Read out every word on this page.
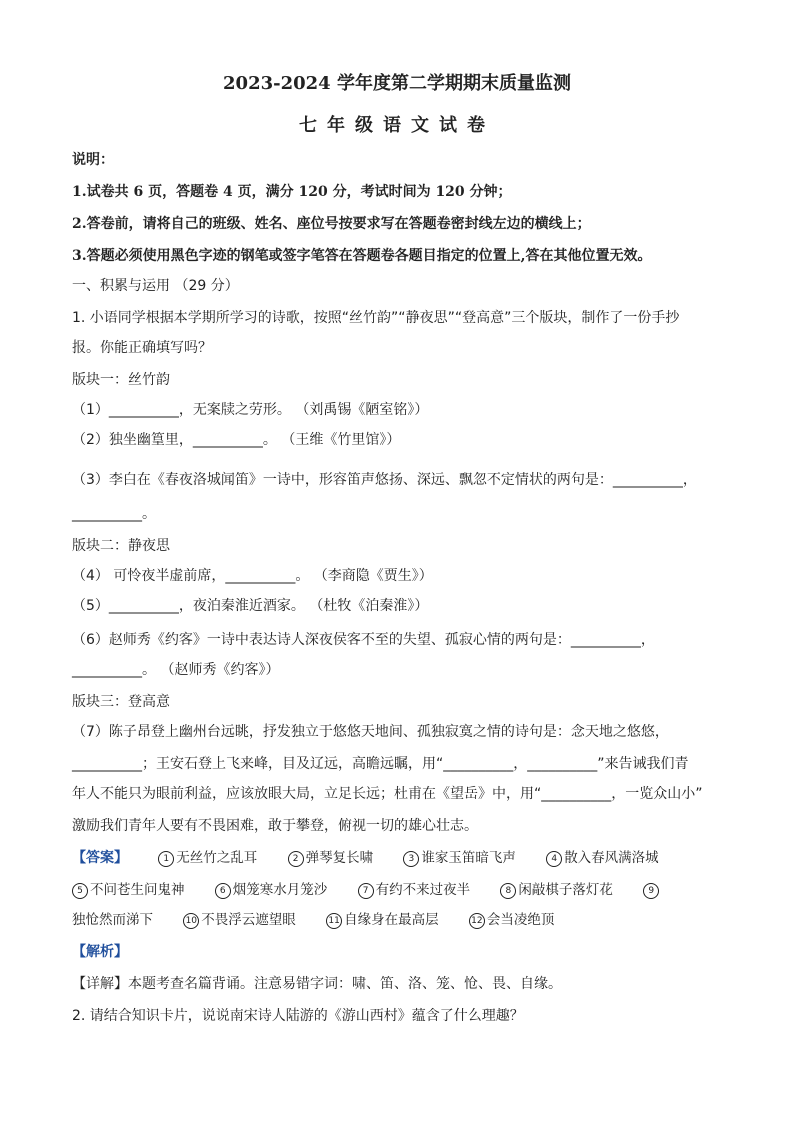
2023-2024 学年度第二学期期末质量监测
七年级语文试卷
说明：
1.试卷共 6 页，答题卷 4 页，满分 120 分，考试时间为 120 分钟；
2.答卷前，请将自己的班级、姓名、座位号按要求写在答题卷密封线左边的横线上；
3.答题必须使用黑色字迹的钢笔或签字笔答在答题卷各题目指定的位置上,答在其他位置无效。
一、积累与运用 （29 分）
1. 小语同学根据本学期所学习的诗歌，按照“丝竹韵”“静夜思”“登高意”三个版块，制作了一份手抄
报。你能正确填写吗？
版块一：丝竹韵
（1）__________，无案牍之劳形。 （刘禹锡《陋室铭》）
（2）独坐幽篁里，__________。 （王维《竹里馆》）
（3）李白在《春夜洛城闻笛》一诗中，形容笛声悠扬、深远、飘忽不定情状的两句是：__________，
__________。
版块二：静夜思
（4） 可怜夜半虚前席，__________。 （李商隐《贾生》）
（5）__________，夜泊秦淮近酒家。 （杜牧《泊秦淮》）
（6）赵师秀《约客》一诗中表达诗人深夜侯客不至的失望、孤寂心情的两句是：__________，
__________。 （赵师秀《约客》）
版块三：登高意
（7）陈子昂登上幽州台远眺，抒发独立于悠悠天地间、孤独寂寞之情的诗句是：念天地之悠悠，
__________；王安石登上飞来峰，目及辽远，高瞻远瞩，用“__________，__________”来告诫我们青
年人不能只为眼前利益，应该放眼大局，立足长远；杜甫在《望岳》中，用“__________，一览众山小”
激励我们青年人要有不畏困难，敢于攀登，俯视一切的雄心壮志。
【答案】	1 无丝竹之乱耳	2 弹琴复长啸	3 谁家玉笛暗飞声	4 散入春风满洛城
5 不问苍生问鬼神	6 烟笼寒水月笼沙	7 有约不来过夜半	8 闲敲棋子落灯花	9
独怆然而涕下	10 不畏浮云遮望眼	11 自缘身在最高层	12 会当凌绝顶
【解析】
【详解】本题考查名篇背诵。注意易错字词：啸、笛、洛、笼、怆、畏、自缘。
2. 请结合知识卡片，说说南宋诗人陆游的《游山西村》蕴含了什么理趣？
